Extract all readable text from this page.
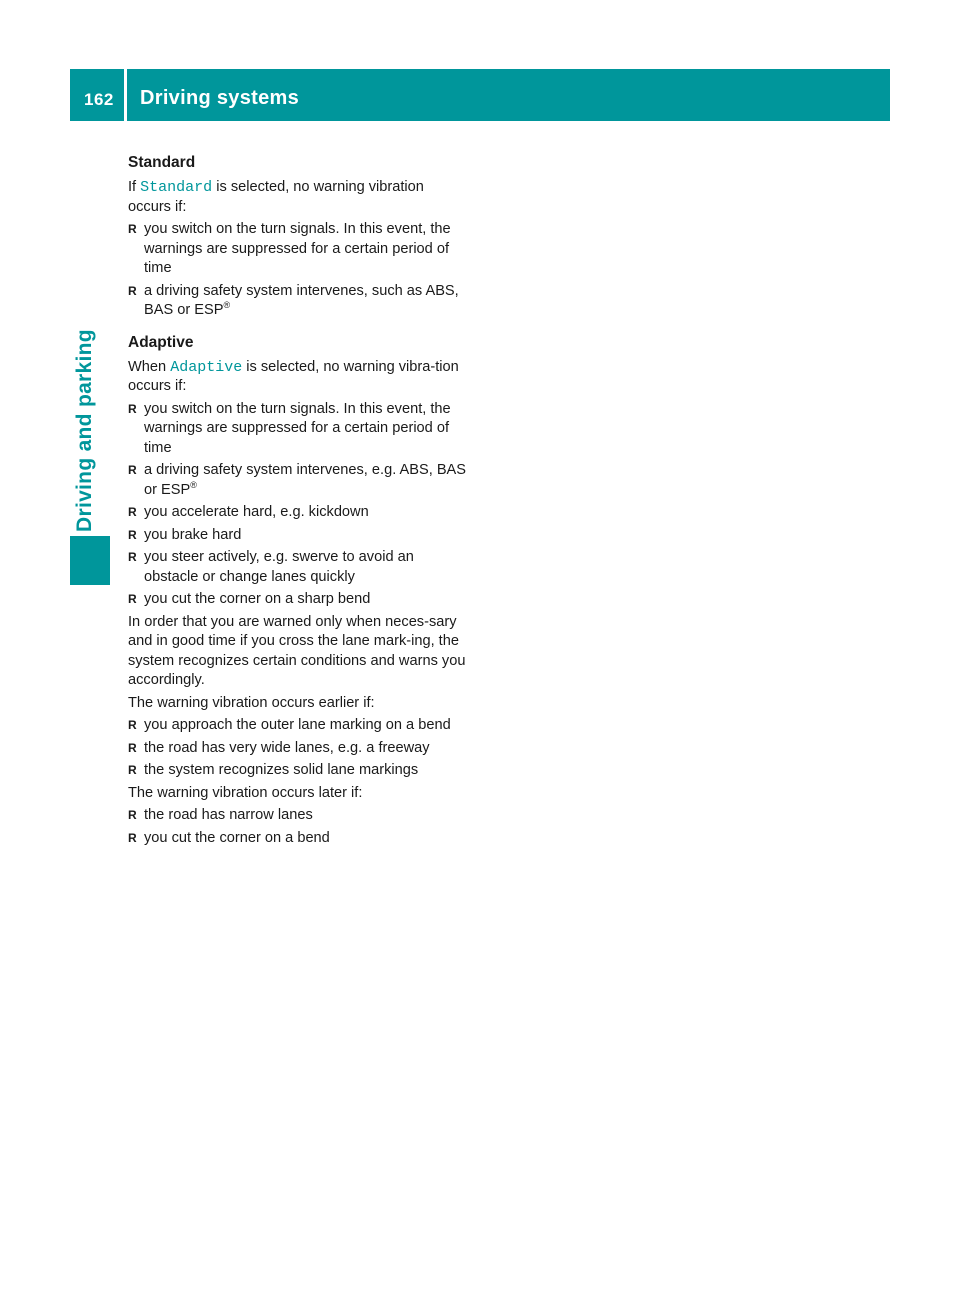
162 Driving systems
Driving and parking
Standard

If Standard is selected, no warning vibration occurs if:

R you switch on the turn signals. In this event, the warnings are suppressed for a certain period of time
R a driving safety system intervenes, such as ABS, BAS or ESP®
Adaptive

When Adaptive is selected, no warning vibra-tion occurs if:

R you switch on the turn signals. In this event, the warnings are suppressed for a certain period of time
R a driving safety system intervenes, e.g. ABS, BAS or ESP®
R you accelerate hard, e.g. kickdown
R you brake hard
R you steer actively, e.g. swerve to avoid an obstacle or change lanes quickly
R you cut the corner on a sharp bend

In order that you are warned only when neces-sary and in good time if you cross the lane mark-ing, the system recognizes certain conditions and warns you accordingly.

The warning vibration occurs earlier if:

R you approach the outer lane marking on a bend
R the road has very wide lanes, e.g. a freeway
R the system recognizes solid lane markings

The warning vibration occurs later if:

R the road has narrow lanes
R you cut the corner on a bend
